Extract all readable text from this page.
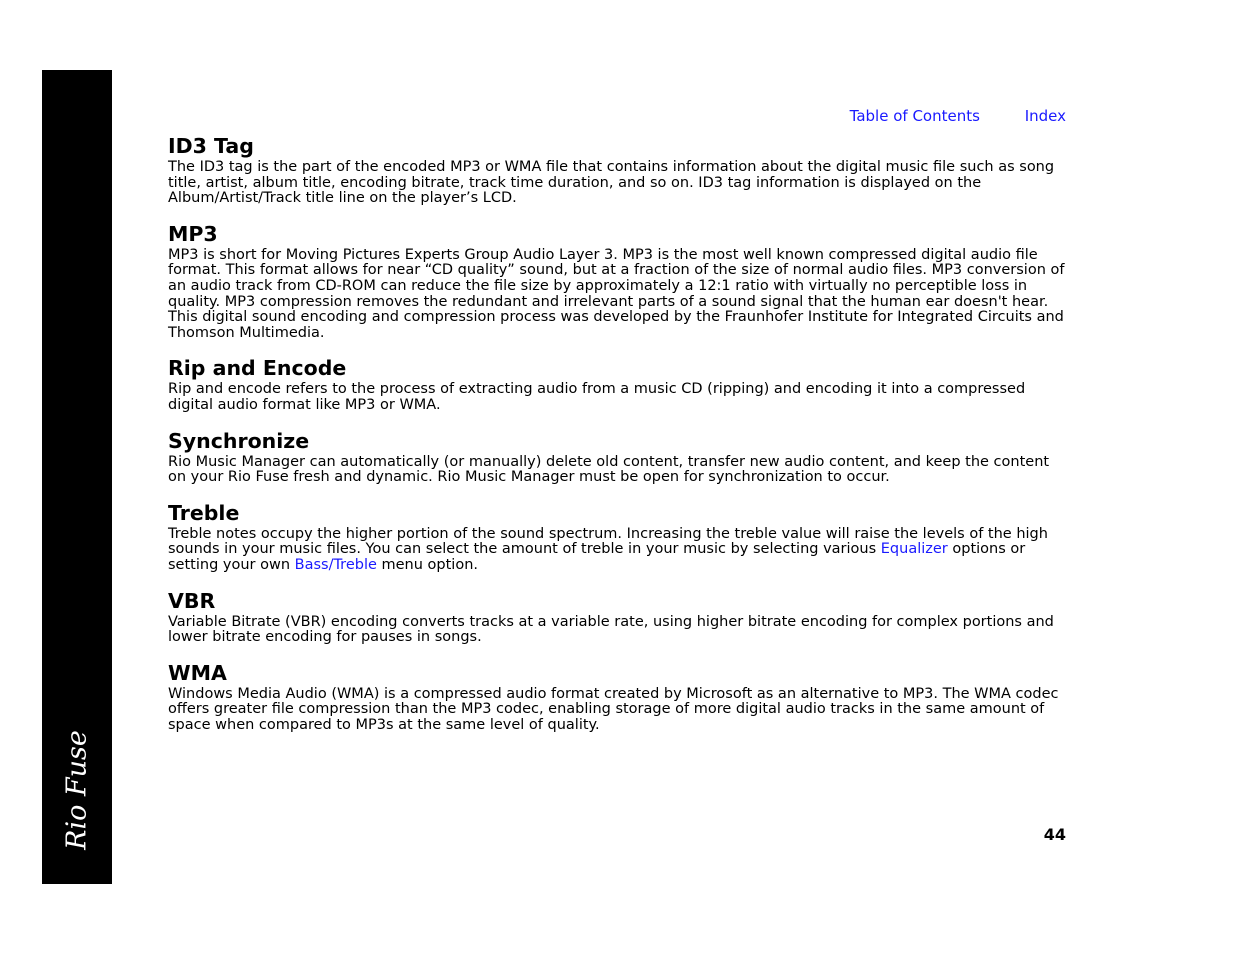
Rio Fuse
Table of Contents	Index
ID3 Tag

The ID3 tag is the part of the encoded MP3 or WMA file that contains information about the digital music file such as song title, artist, album title, encoding bitrate, track time duration, and so on. ID3 tag information is displayed on the Album/Artist/Track title line on the player’s LCD.

MP3

MP3 is short for Moving Pictures Experts Group Audio Layer 3. MP3 is the most well known compressed digital audio file format. This format allows for near “CD quality” sound, but at a fraction of the size of normal audio files. MP3 conversion of an audio track from CD-ROM can reduce the file size by approximately a 12:1 ratio with virtually no perceptible loss in quality. MP3 compression removes the redundant and irrelevant parts of a sound signal that the human ear doesn't hear. This digital sound encoding and compression process was developed by the Fraunhofer Institute for Integrated Circuits and Thomson Multimedia.

Rip and Encode

Rip and encode refers to the process of extracting audio from a music CD (ripping) and encoding it into a compressed digital audio format like MP3 or WMA.

Synchronize

Rio Music Manager can automatically (or manually) delete old content, transfer new audio content, and keep the content on your Rio Fuse fresh and dynamic. Rio Music Manager must be open for synchronization to occur.

Treble

Treble notes occupy the higher portion of the sound spectrum. Increasing the treble value will raise the levels of the high sounds in your music files. You can select the amount of treble in your music by selecting various Equalizer options or setting your own Bass/Treble menu option.

VBR

Variable Bitrate (VBR) encoding converts tracks at a variable rate, using higher bitrate encoding for complex portions and lower bitrate encoding for pauses in songs.

WMA

Windows Media Audio (WMA) is a compressed audio format created by Microsoft as an alternative to MP3. The WMA codec offers greater file compression than the MP3 codec, enabling storage of more digital audio tracks in the same amount of space when compared to MP3s at the same level of quality.

44
